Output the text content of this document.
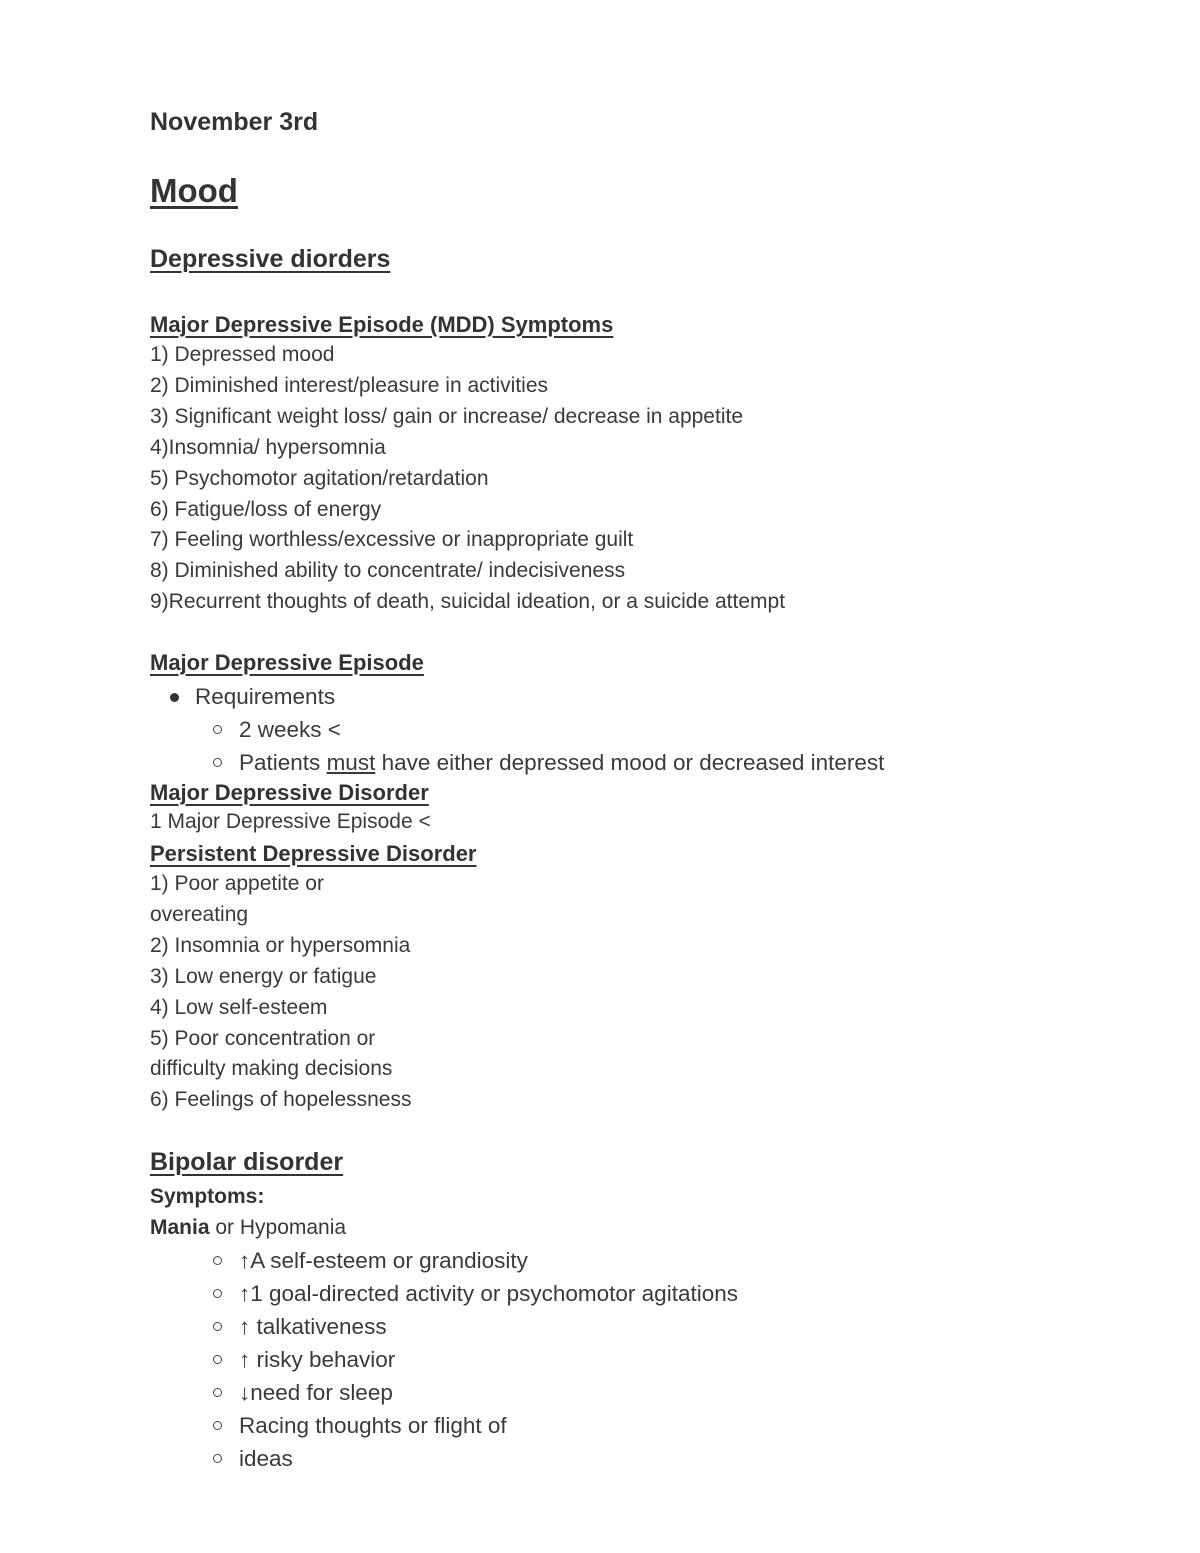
November 3rd

Mood

Depressive diorders

Major Depressive Episode (MDD) Symptoms

1) Depressed mood
2) Diminished interest/pleasure in activities
3) Significant weight loss/ gain or increase/ decrease in appetite
4)Insomnia/ hypersomnia
5) Psychomotor agitation/retardation
6) Fatigue/loss of energy
7) Feeling worthless/excessive or inappropriate guilt
8) Diminished ability to concentrate/ indecisiveness
9)Recurrent thoughts of death, suicidal ideation, or a suicide attempt

Major Depressive Episode

Requirements
2 weeks <
Patients must have either depressed mood or decreased interest

Major Depressive Disorder

1 Major Depressive Episode <

Persistent Depressive Disorder

1) Poor appetite or
overeating
2) Insomnia or hypersomnia
3) Low energy or fatigue
4) Low self-esteem
5) Poor concentration or
difficulty making decisions
6) Feelings of hopelessness

Bipolar disorder

Symptoms:

Mania or Hypomania

↑A self-esteem or grandiosity
↑1 goal-directed activity or psychomotor agitations
↑ talkativeness
↑ risky behavior
↓need for sleep
Racing thoughts or flight of
ideas
